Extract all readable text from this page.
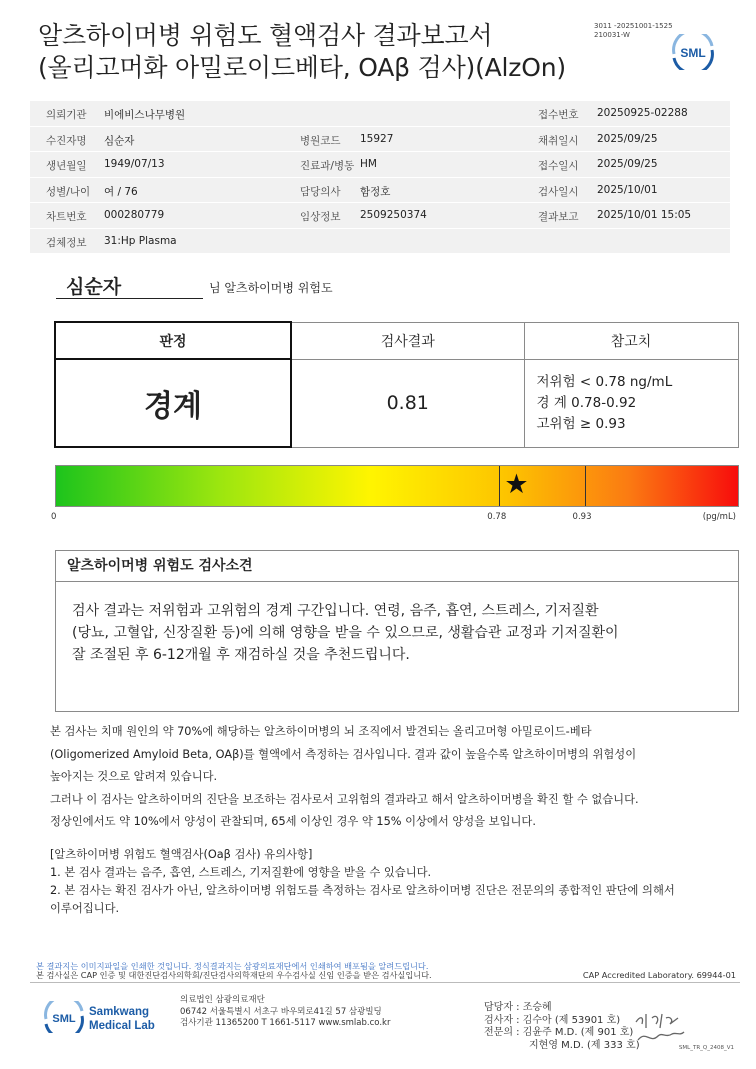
알츠하이머병 위험도 혈액검사 결과보고서
(올리고머화 아밀로이드베타, OAβ 검사)(AlzOn)
3011 -20251001-1525
210031-W
SML
의뢰기관 비에비스나무병원	접수번호 20250925-02288
수진자명 심순자	병원코드 15927	채취일시 2025/09/25
생년월일 1949/07/13	진료과/병동 HM	접수일시 2025/09/25
성별/나이 여 / 76	담당의사 함정호	검사일시 2025/10/01
차트번호 000280779	임상정보 2509250374	결과보고 2025/10/01 15:05
검체정보 31:Hp Plasma
심순자	님 알츠하이머병 위험도
판정	검사결과	참고치
경계	0.81	저위험 < 0.78 ng/mL
경 계 0.78-0.92
고위험 ≥ 0.93
★
0	0.78	0.93	(pg/mL)
알츠하이머병 위험도 검사소견
검사 결과는 저위험과 고위험의 경계 구간입니다. 연령, 음주, 흡연, 스트레스, 기저질환
(당뇨, 고혈압, 신장질환 등)에 의해 영향을 받을 수 있으므로, 생활습관 교정과 기저질환이
잘 조절된 후 6-12개월 후 재검하실 것을 추천드립니다.

본 검사는 치매 원인의 약 70%에 해당하는 알츠하이머병의 뇌 조직에서 발견되는 올리고머형 아밀로이드-베타

(Oligomerized Amyloid Beta, OAβ)를 혈액에서 측정하는 검사입니다. 결과 값이 높을수록 알츠하이머병의 위험성이

높아지는 것으로 알려져 있습니다.

그러나 이 검사는 알츠하이머의 진단을 보조하는 검사로서 고위험의 결과라고 해서 알츠하이머병을 확진 할 수 없습니다.

정상인에서도 약 10%에서 양성이 관찰되며, 65세 이상인 경우 약 15% 이상에서 양성을 보입니다.

[알츠하이머병 위험도 혈액검사(Oaβ 검사) 유의사항]

1. 본 검사 결과는 음주, 흡연, 스트레스, 기저질환에 영향을 받을 수 있습니다.

2. 본 검사는 확진 검사가 아닌, 알츠하이머병 위험도를 측정하는 검사로 알츠하이머병 진단은 전문의의 종합적인 판단에 의해서

이루어집니다.

본 결과지는 이미지파일을 인쇄한 것입니다. 정식결과지는 삼광의료재단에서 인쇄하여 배포됨을 알려드립니다.
본 검사실은 CAP 인증 및 대한진단검사의학회/진단검사의학재단의 우수검사실 신임 인증을 받은 검사실입니다.	CAP Accredited Laboratory. 69944-01
SML
Samkwang
Medical Lab

의료법인 삼광의료재단

06742 서울특별시 서초구 바우뫼로41길 57 삼광빌딩

검사기관 11365200 T 1661-5117 www.smlab.co.kr

담당자 : 조승혜

검사자 : 김수아 (제 53901 호)

전문의 : 김윤주 M.D. (제 901 호)

지현영 M.D. (제 333 호)	SML_TR_Q_2408_V1
